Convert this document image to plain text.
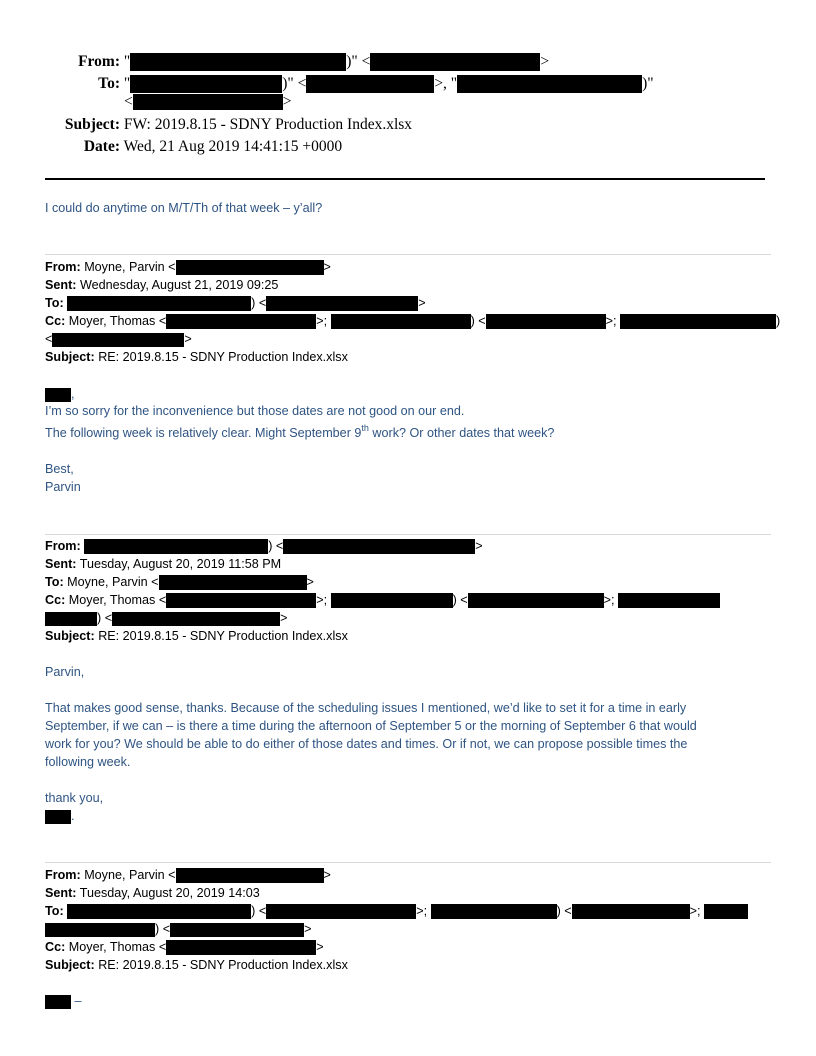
From: "	)" <	>
To: "	)" <	>, "	)"
<	>
Subject: FW: 2019.8.15 - SDNY Production Index.xlsx
Date: Wed, 21 Aug 2019 14:41:15 +0000
I could do anytime on M/T/Th of that week – y’all?
From: Moyne, Parvin <	>
Sent: Wednesday, August 21, 2019 09:25
To:	) <	>
Cc: Moyer, Thomas <	>;	) <	>;	)
<	>
Subject: RE: 2019.8.15 - SDNY Production Index.xlsx
,
I’m so sorry for the inconvenience but those dates are not good on our end.
The following week is relatively clear. Might September 9th work? Or other dates that week?
Best,
Parvin
From:	) <	>
Sent: Tuesday, August 20, 2019 11:58 PM
To: Moyne, Parvin <	>
Cc: Moyer, Thomas <	>;	) <	>;
) <	>
Subject: RE: 2019.8.15 - SDNY Production Index.xlsx
Parvin,
That makes good sense, thanks. Because of the scheduling issues I mentioned, we’d like to set it for a time in early
September, if we can – is there a time during the afternoon of September 5 or the morning of September 6 that would
work for you? We should be able to do either of those dates and times. Or if not, we can propose possible times the
following week.
thank you,
.
From: Moyne, Parvin <	>
Sent: Tuesday, August 20, 2019 14:03
To:	) <	>;	) <	>;
) <	>
Cc: Moyer, Thomas <	>
Subject: RE: 2019.8.15 - SDNY Production Index.xlsx
–
